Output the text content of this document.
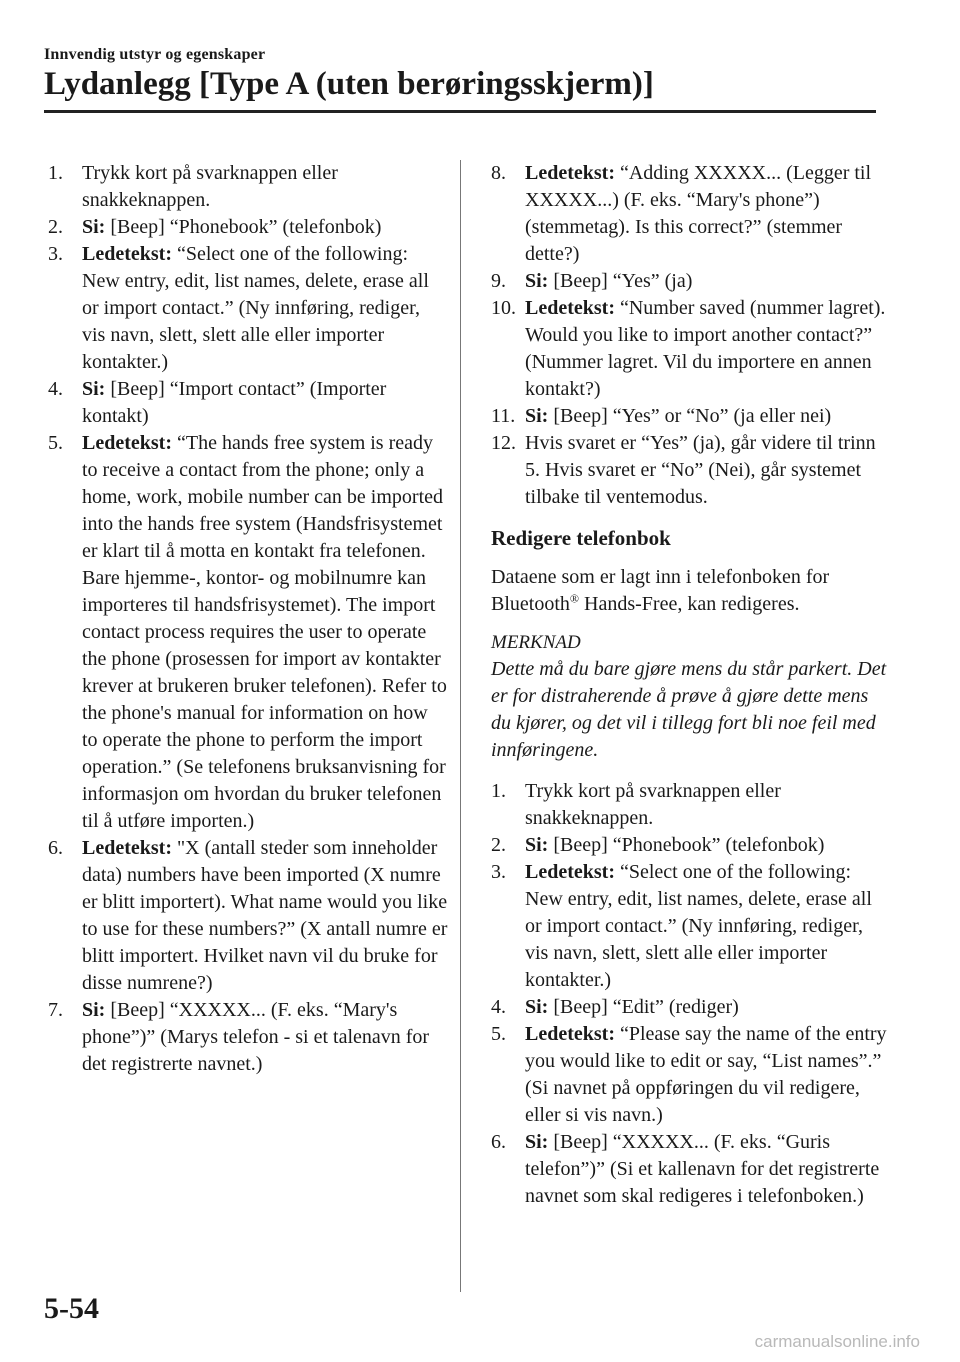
Innvendig utstyr og egenskaper
Lydanlegg [Type A (uten berøringsskjerm)]
1. Trykk kort på svarknappen eller snakkeknappen.
2. Si: [Beep] “Phonebook” (telefonbok)
3. Ledetekst: “Select one of the following: New entry, edit, list names, delete, erase all or import contact.” (Ny innføring, rediger, vis navn, slett, slett alle eller importer kontakter.)
4. Si: [Beep] “Import contact” (Importer kontakt)
5. Ledetekst: “The hands free system is ready to receive a contact from the phone; only a home, work, mobile number can be imported into the hands free system (Handsfrisystemet er klart til å motta en kontakt fra telefonen. Bare hjemme-, kontor- og mobilnumre kan importeres til handsfrisystemet). The import contact process requires the user to operate the phone (prosessen for import av kontakter krever at brukeren bruker telefonen). Refer to the phone's manual for information on how to operate the phone to perform the import operation.” (Se telefonens bruksanvisning for informasjon om hvordan du bruker telefonen til å utføre importen.)
6. Ledetekst: "X (antall steder som inneholder data) numbers have been imported (X numre er blitt importert). What name would you like to use for these numbers?” (X antall numre er blitt importert. Hvilket navn vil du bruke for disse numrene?)
7. Si: [Beep] “XXXXX... (F. eks. “Mary's phone”)” (Marys telefon - si et talenavn for det registrerte navnet.)
8. Ledetekst: “Adding XXXXX... (Legger til XXXXX...) (F. eks. “Mary's phone”) (stemmetag). Is this correct?” (stemmer dette?)
9. Si: [Beep] “Yes” (ja)
10. Ledetekst: “Number saved (nummer lagret). Would you like to import another contact?” (Nummer lagret. Vil du importere en annen kontakt?)
11. Si: [Beep] “Yes” or “No” (ja eller nei)
12. Hvis svaret er “Yes” (ja), går videre til trinn 5. Hvis svaret er “No” (Nei), går systemet tilbake til ventemodus.
Redigere telefonbok

Dataene som er lagt inn i telefonboken for Bluetooth® Hands-Free, kan redigeres.

MERKNAD

Dette må du bare gjøre mens du står parkert. Det er for distraherende å prøve å gjøre dette mens du kjører, og det vil i tillegg fort bli noe feil med innføringene.

1. Trykk kort på svarknappen eller snakkeknappen.
2. Si: [Beep] “Phonebook” (telefonbok)
3. Ledetekst: “Select one of the following: New entry, edit, list names, delete, erase all or import contact.” (Ny innføring, rediger, vis navn, slett, slett alle eller importer kontakter.)
4. Si: [Beep] “Edit” (rediger)
5. Ledetekst: “Please say the name of the entry you would like to edit or say, “List names”.” (Si navnet på oppføringen du vil redigere, eller si vis navn.)
6. Si: [Beep] “XXXXX... (F. eks. “Guris telefon”)” (Si et kallenavn for det registrerte navnet som skal redigeres i telefonboken.)
5-54
carmanualsonline.info
